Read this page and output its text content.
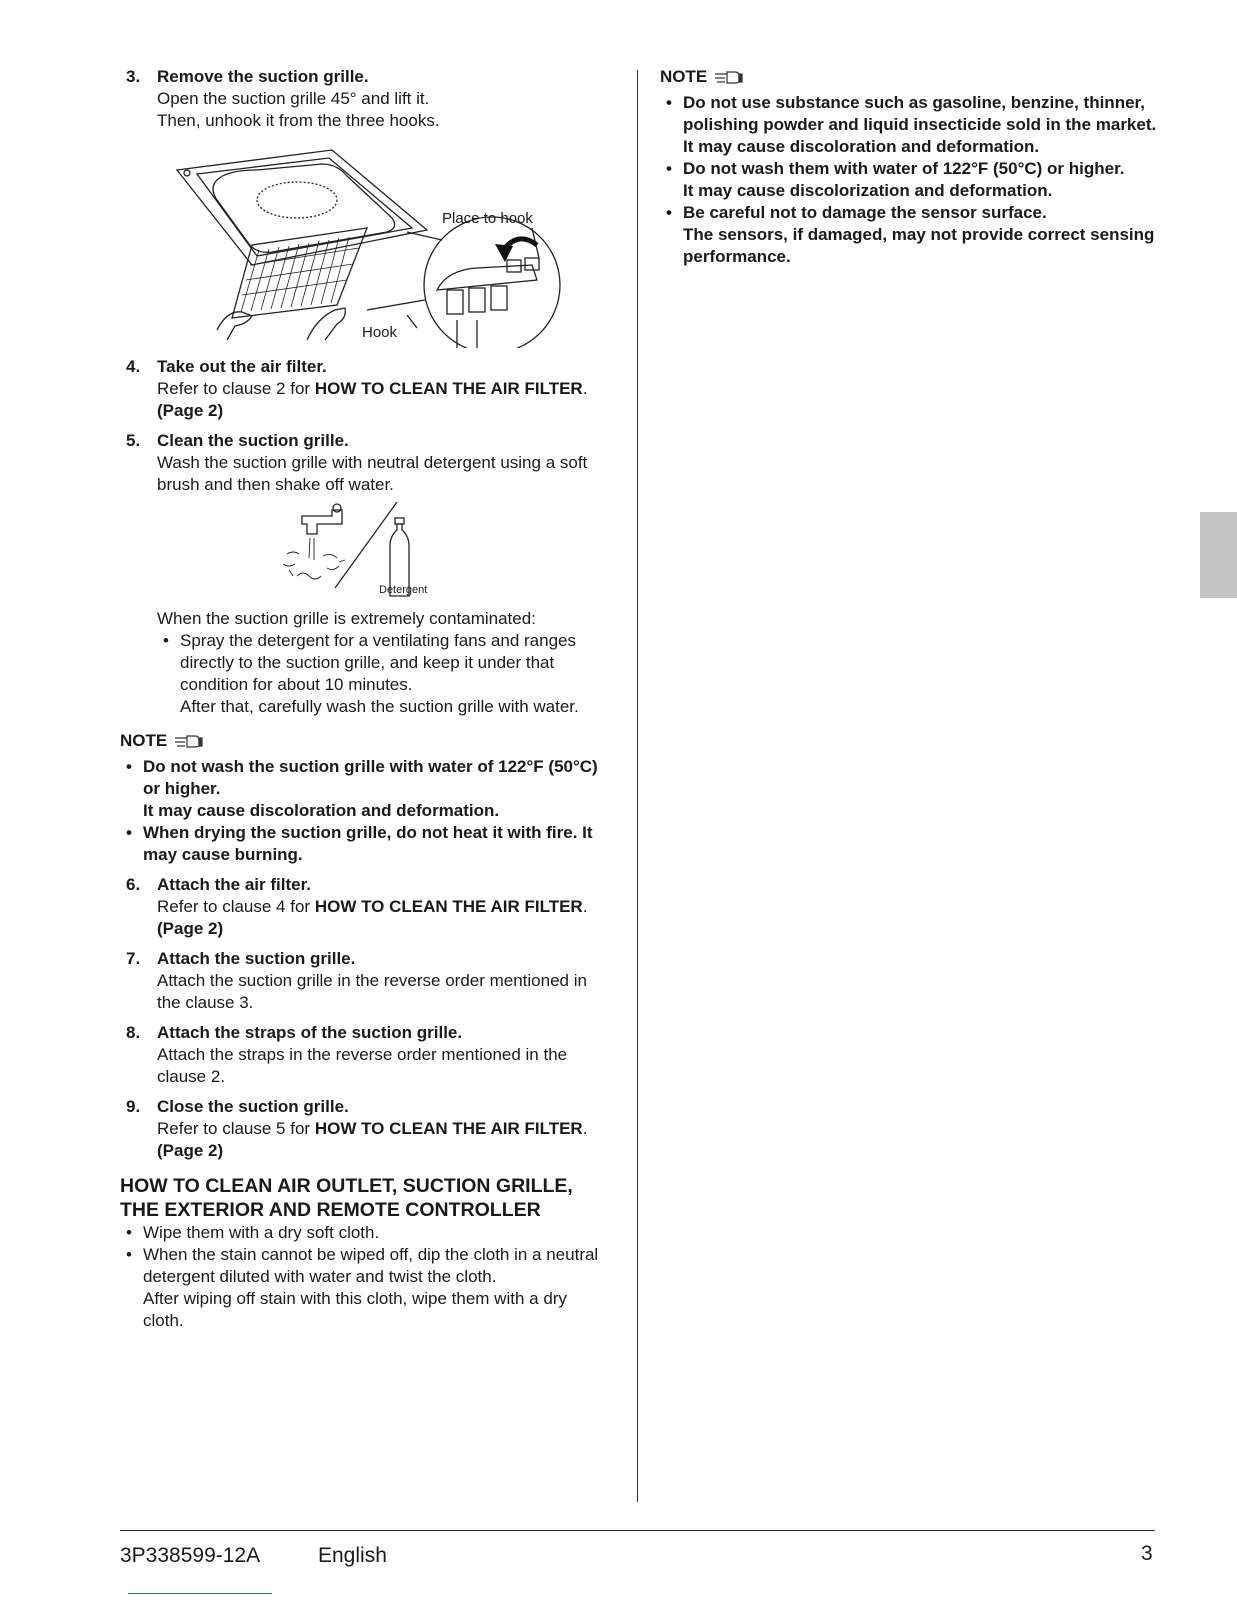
3. Remove the suction grille.
Open the suction grille 45° and lift it.
Then, unhook it from the three hooks.
Place to hook
Hook
4. Take out the air filter.
Refer to clause 2 for HOW TO CLEAN THE AIR FILTER.
(Page 2)
5. Clean the suction grille.
Wash the suction grille with neutral detergent using a soft brush and then shake off water.
Detergent
When the suction grille is extremely contaminated:
• Spray the detergent for a ventilating fans and ranges directly to the suction grille, and keep it under that condition for about 10 minutes.
After that, carefully wash the suction grille with water.
NOTE
• Do not wash the suction grille with water of 122°F (50°C) or higher.
It may cause discoloration and deformation.
• When drying the suction grille, do not heat it with fire. It may cause burning.
6. Attach the air filter.
Refer to clause 4 for HOW TO CLEAN THE AIR FILTER.
(Page 2)
7. Attach the suction grille.
Attach the suction grille in the reverse order mentioned in the clause 3.
8. Attach the straps of the suction grille.
Attach the straps in the reverse order mentioned in the clause 2.
9. Close the suction grille.
Refer to clause 5 for HOW TO CLEAN THE AIR FILTER.
(Page 2)
HOW TO CLEAN AIR OUTLET, SUCTION GRILLE,
THE EXTERIOR AND REMOTE CONTROLLER
• Wipe them with a dry soft cloth.
• When the stain cannot be wiped off, dip the cloth in a neutral detergent diluted with water and twist the cloth.
After wiping off stain with this cloth, wipe them with a dry cloth.
NOTE
• Do not use substance such as gasoline, benzine, thinner, polishing powder and liquid insecticide sold in the market.
It may cause discoloration and deformation.
• Do not wash them with water of 122°F (50°C) or higher.
It may cause discolorization and deformation.
• Be careful not to damage the sensor surface.
The sensors, if damaged, may not provide correct sensing performance.
3P338599-12A	English	3
